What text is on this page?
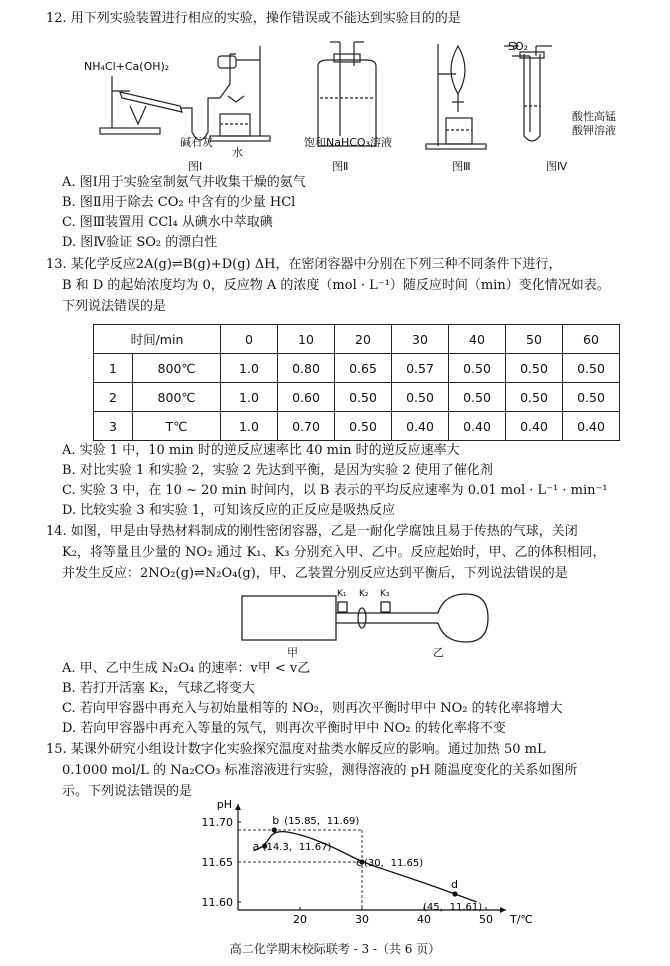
12. 用下列实验装置进行相应的实验，操作错误或不能达到实验目的的是
NH₄Cl+Ca(OH)₂
碱石灰
水
饱和NaHCO₃溶液
SO₂
酸性高锰
酸钾溶液
图Ⅰ	图Ⅱ	图Ⅲ	图Ⅳ
A. 图Ⅰ用于实验室制氨气并收集干燥的氨气
B. 图Ⅱ用于除去 CO₂ 中含有的少量 HCl
C. 图Ⅲ装置用 CCl₄ 从碘水中萃取碘
D. 图Ⅳ验证 SO₂ 的漂白性
13. 某化学反应2A(g)⇌B(g)+D(g) ΔH，在密闭容器中分别在下列三种不同条件下进行，
B 和 D 的起始浓度均为 0，反应物 A 的浓度（mol · L⁻¹）随反应时间（min）变化情况如表。
下列说法错误的是
时间/min		0	10	20	30	40	50	60
1	800℃	1.0	0.80	0.65	0.57	0.50	0.50	0.50
2	800℃	1.0	0.60	0.50	0.50	0.50	0.50	0.50
3	T℃	1.0	0.70	0.50	0.40	0.40	0.40	0.40
A. 实验 1 中，10 min 时的逆反应速率比 40 min 时的逆反应速率大
B. 对比实验 1 和实验 2，实验 2 先达到平衡，是因为实验 2 使用了催化剂
C. 实验 3 中，在 10 ~ 20 min 时间内，以 B 表示的平均反应速率为 0.01 mol · L⁻¹ · min⁻¹
D. 比较实验 3 和实验 1，可知该反应的正反应是吸热反应
14. 如图，甲是由导热材料制成的刚性密闭容器，乙是一耐化学腐蚀且易于传热的气球，关闭
K₂，将等量且少量的 NO₂ 通过 K₁、K₃ 分别充入甲、乙中。反应起始时，甲、乙的体积相同，
并发生反应：2NO₂(g)⇌N₂O₄(g)，甲、乙装置分别反应达到平衡后，下列说法错误的是
K₁ K₂ K₃
甲	乙
A. 甲、乙中生成 N₂O₄ 的速率：v甲 < v乙
B. 若打开活塞 K₂，气球乙将变大
C. 若向甲容器中再充入与初始量相等的 NO₂，则再次平衡时甲中 NO₂ 的转化率将增大
D. 若向甲容器中再充入等量的氖气，则再次平衡时甲中 NO₂ 的转化率将不变
15. 某课外研究小组设计数字化实验探究温度对盐类水解反应的影响。通过加热 50 mL
0.1000 mol/L 的 Na₂CO₃ 标准溶液进行实验，测得溶液的 pH 随温度变化的关系如图所
示。下列说法错误的是
pH
T/℃
20	30	40	50
11.70
11.65
11.60
a (14.3，11.67)
b (15.85，11.69)
c (30，11.65)
d
(45，11.61)
高二化学期末校际联考 - 3 -（共 6 页）
